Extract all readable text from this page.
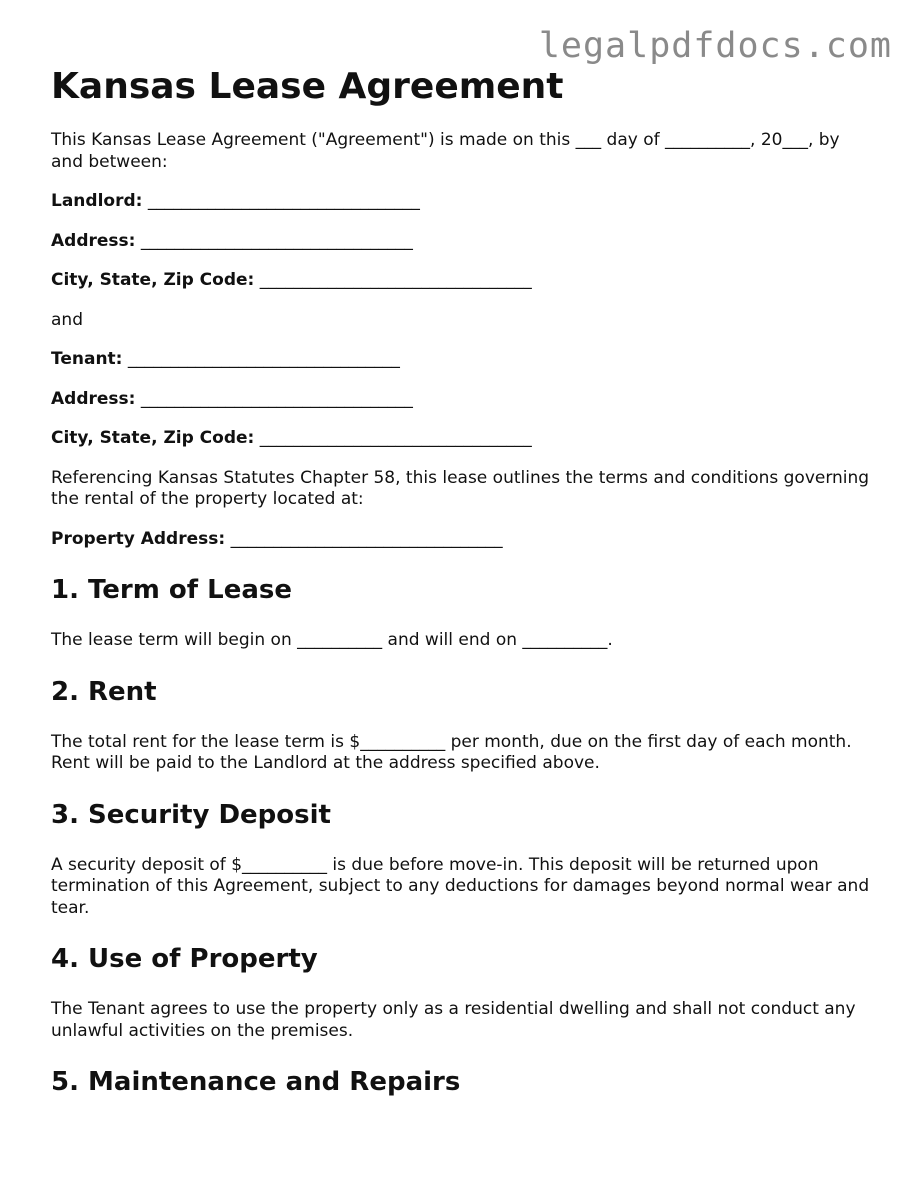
legalpdfdocs.com
Kansas Lease Agreement

This Kansas Lease Agreement ("Agreement") is made on this ___ day of __________, 20___, by and between:

Landlord: ________________________________
Address: ________________________________
City, State, Zip Code: ________________________________

and

Tenant: ________________________________
Address: ________________________________
City, State, Zip Code: ________________________________

Referencing Kansas Statutes Chapter 58, this lease outlines the terms and conditions governing the rental of the property located at:

Property Address: ________________________________
1. Term of Lease

The lease term will begin on __________ and will end on __________.

2. Rent

The total rent for the lease term is $__________ per month, due on the first day of each month. Rent will be paid to the Landlord at the address specified above.

3. Security Deposit

A security deposit of $__________ is due before move-in. This deposit will be returned upon termination of this Agreement, subject to any deductions for damages beyond normal wear and tear.

4. Use of Property

The Tenant agrees to use the property only as a residential dwelling and shall not conduct any unlawful activities on the premises.

5. Maintenance and Repairs
